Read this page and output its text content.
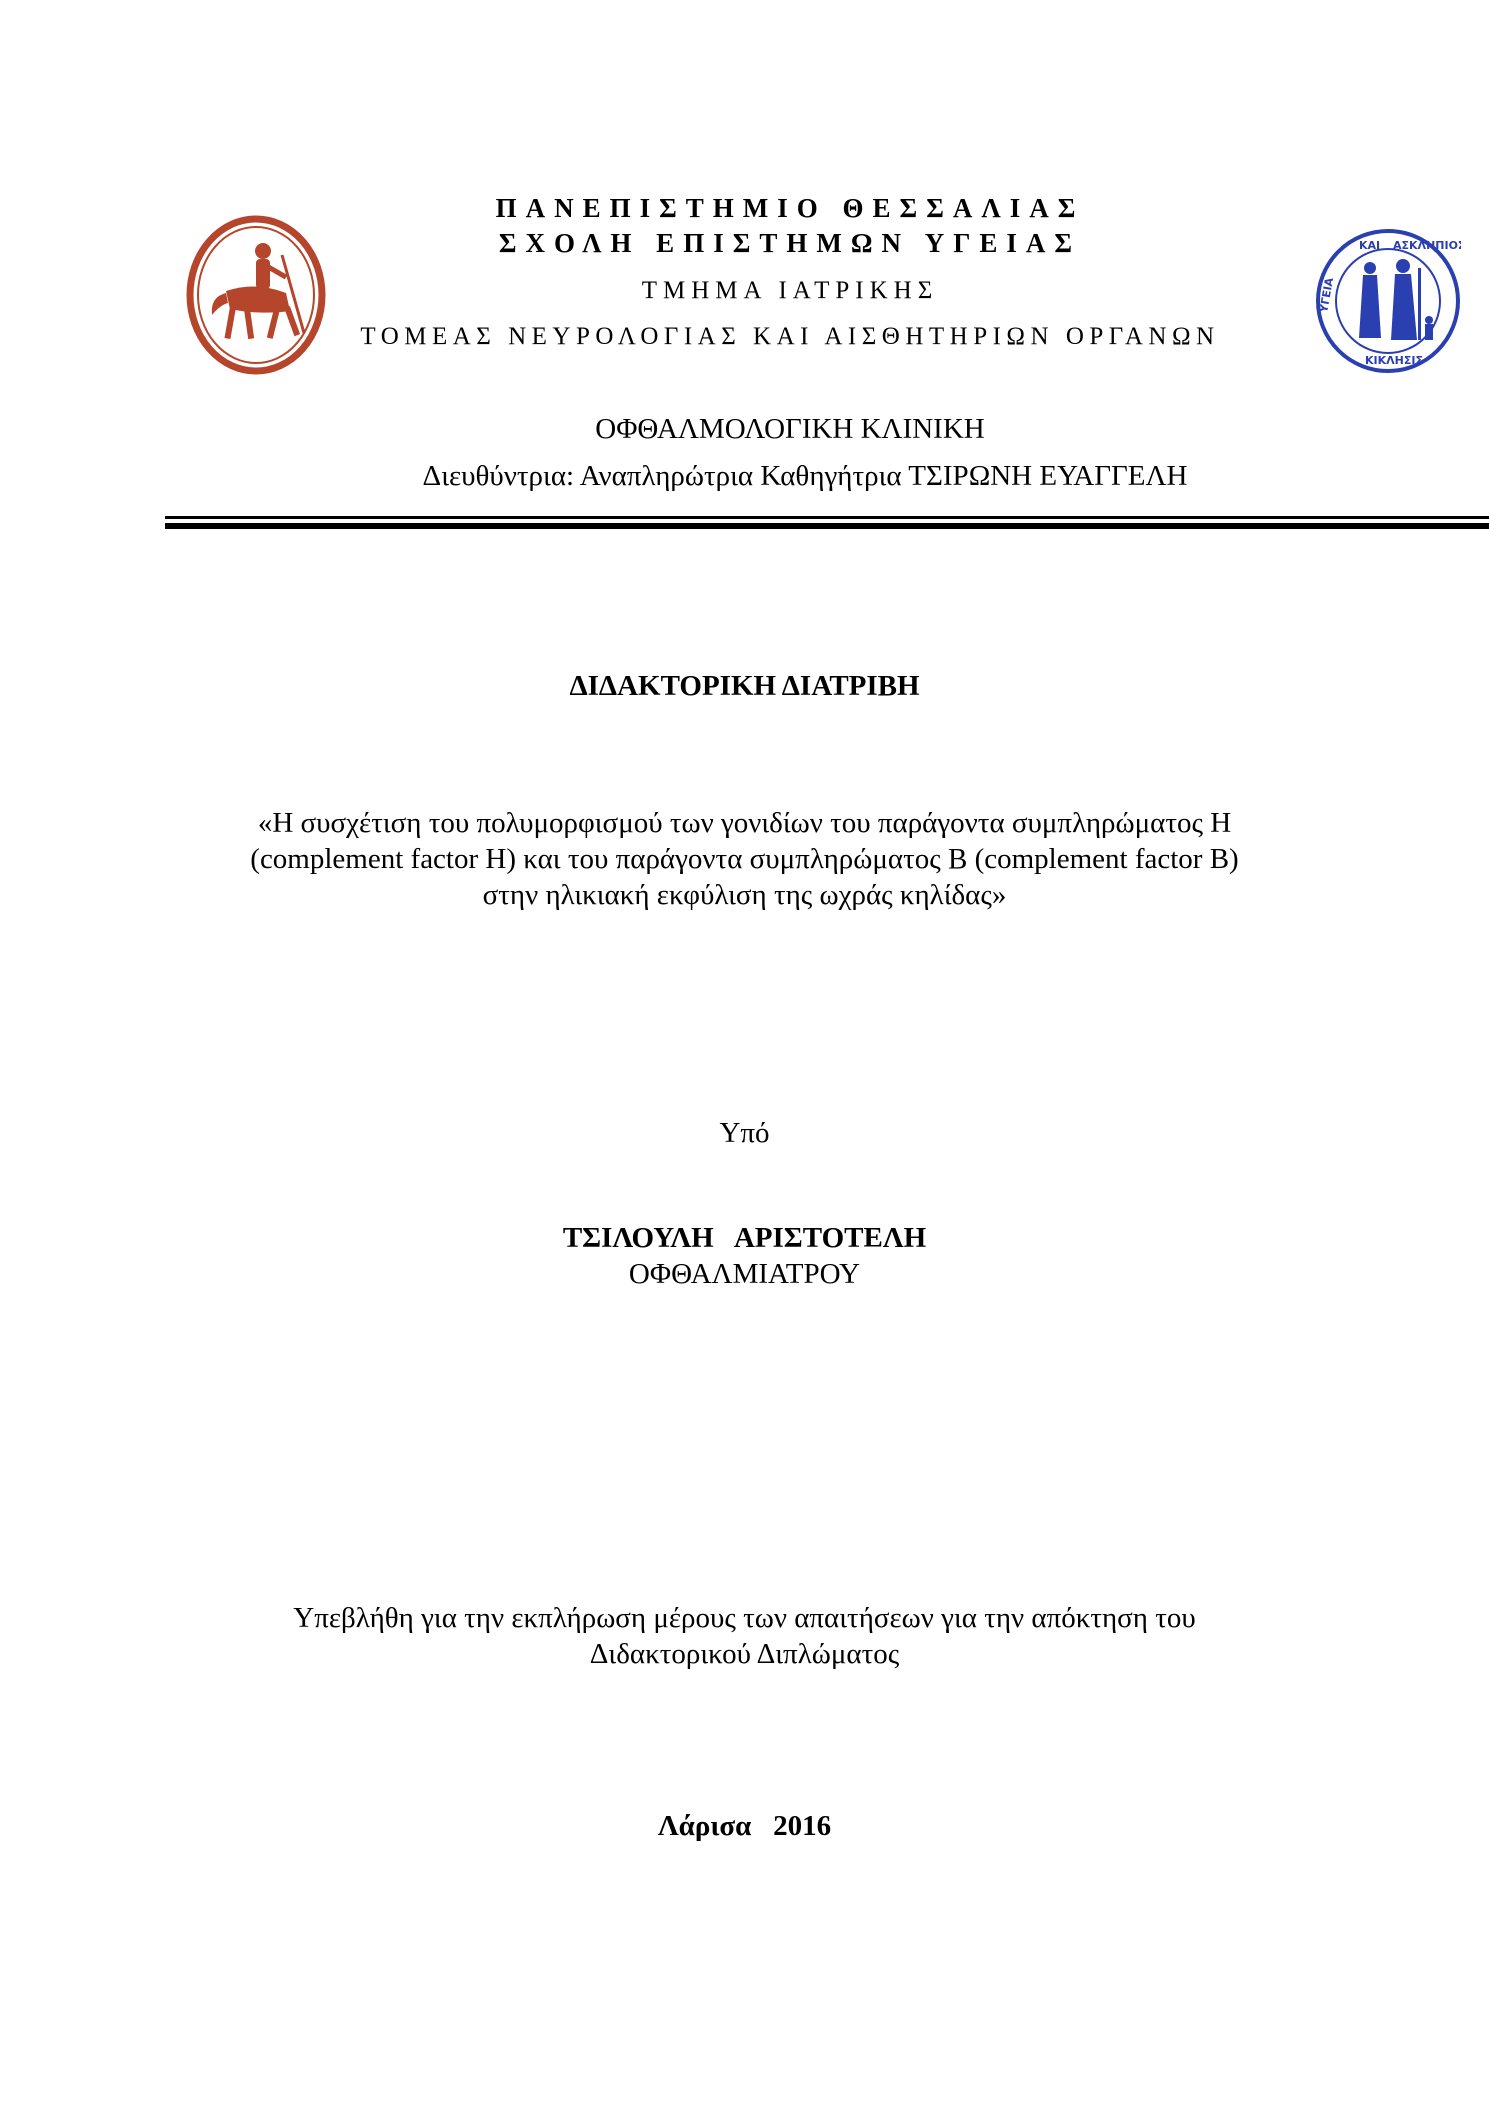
ΚΑΙ ΑΣΚΛΗΠΙΟΣ
ΥΓΕΙΑ
ΚΙΚΛΗΣΙΣ
ΠΑΝΕΠΙΣΤΗΜΙΟ ΘΕΣΣΑΛΙΑΣ
ΣΧΟΛΗ ΕΠΙΣΤΗΜΩΝ ΥΓΕΙΑΣ
ΤΜΗΜΑ ΙΑΤΡΙΚΗΣ
ΤΟΜΕΑΣ ΝΕΥΡΟΛΟΓΙΑΣ ΚΑΙ ΑΙΣΘΗΤΗΡΙΩΝ ΟΡΓΑΝΩΝ
ΟΦΘΑΛΜΟΛΟΓΙΚΗ ΚΛΙΝΙΚΗ
Διευθύντρια: Αναπληρώτρια Καθηγήτρια ΤΣΙΡΩΝΗ ΕΥΑΓΓΕΛΗ
ΔΙΔΑΚΤΟΡΙΚΗ ΔΙΑΤΡΙΒΗ
«Η συσχέτιση του πολυμορφισμού των γονιδίων του παράγοντα συμπληρώματος Η
(complement factor H) και του παράγοντα συμπληρώματος Β (complement factor B)
στην ηλικιακή εκφύλιση της ωχράς κηλίδας»
Υπό
ΤΣΙΛΟΥΛΗ   ΑΡΙΣΤΟΤΕΛΗ
ΟΦΘΑΛΜΙΑΤΡΟΥ
Υπεβλήθη για την εκπλήρωση μέρους των απαιτήσεων για την απόκτηση του
Διδακτορικού Διπλώματος
Λάρισα   2016
